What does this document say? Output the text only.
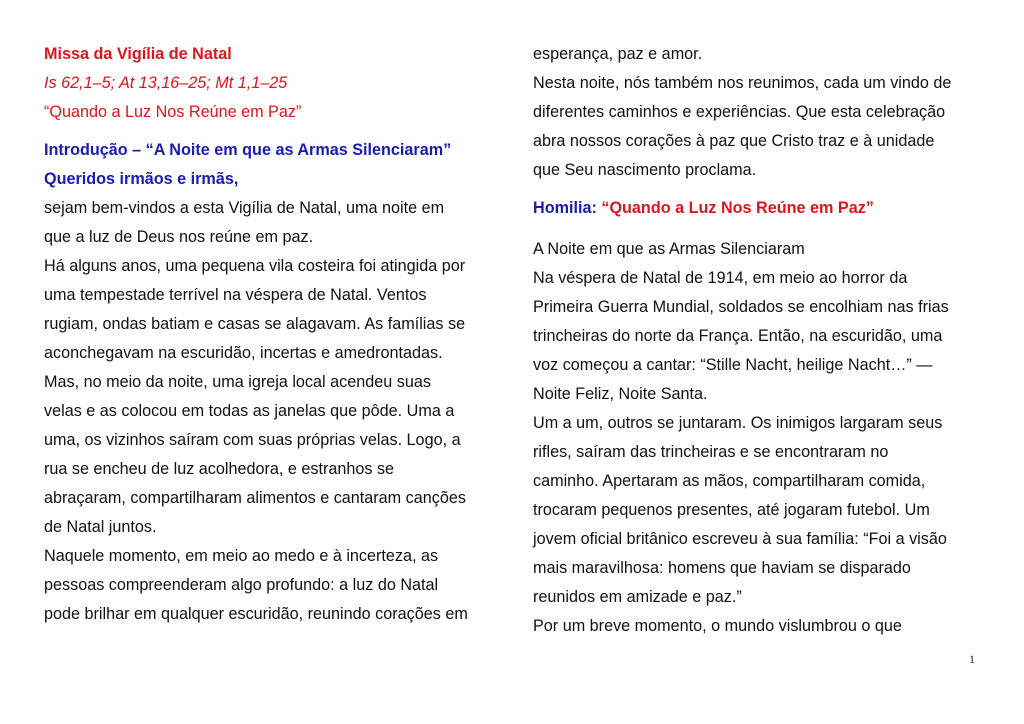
Missa da Vigília de Natal
Is 62,1–5; At 13,16–25; Mt 1,1–25
“Quando a Luz Nos Reúne em Paz”
Introdução – “A Noite em que as Armas Silenciaram”
Queridos irmãos e irmãs,
sejam bem-vindos a esta Vigília de Natal, uma noite em
que a luz de Deus nos reúne em paz.
Há alguns anos, uma pequena vila costeira foi atingida por
uma tempestade terrível na véspera de Natal. Ventos
rugiam, ondas batiam e casas se alagavam. As famílias se
aconchegavam na escuridão, incertas e amedrontadas.
Mas, no meio da noite, uma igreja local acendeu suas
velas e as colocou em todas as janelas que pôde. Uma a
uma, os vizinhos saíram com suas próprias velas. Logo, a
rua se encheu de luz acolhedora, e estranhos se
abraçaram, compartilharam alimentos e cantaram canções
de Natal juntos.
Naquele momento, em meio ao medo e à incerteza, as
pessoas compreenderam algo profundo: a luz do Natal
pode brilhar em qualquer escuridão, reunindo corações em
esperança, paz e amor.
Nesta noite, nós também nos reunimos, cada um vindo de
diferentes caminhos e experiências. Que esta celebração
abra nossos corações à paz que Cristo traz e à unidade
que Seu nascimento proclama.
Homilia: “Quando a Luz Nos Reúne em Paz”
A Noite em que as Armas Silenciaram
Na véspera de Natal de 1914, em meio ao horror da
Primeira Guerra Mundial, soldados se encolhiam nas frias
trincheiras do norte da França. Então, na escuridão, uma
voz começou a cantar: “Stille Nacht, heilige Nacht…” —
Noite Feliz, Noite Santa.
Um a um, outros se juntaram. Os inimigos largaram seus
rifles, saíram das trincheiras e se encontraram no
caminho. Apertaram as mãos, compartilharam comida,
trocaram pequenos presentes, até jogaram futebol. Um
jovem oficial britânico escreveu à sua família: “Foi a visão
mais maravilhosa: homens que haviam se disparado
reunidos em amizade e paz.”
Por um breve momento, o mundo vislumbrou o que
1
